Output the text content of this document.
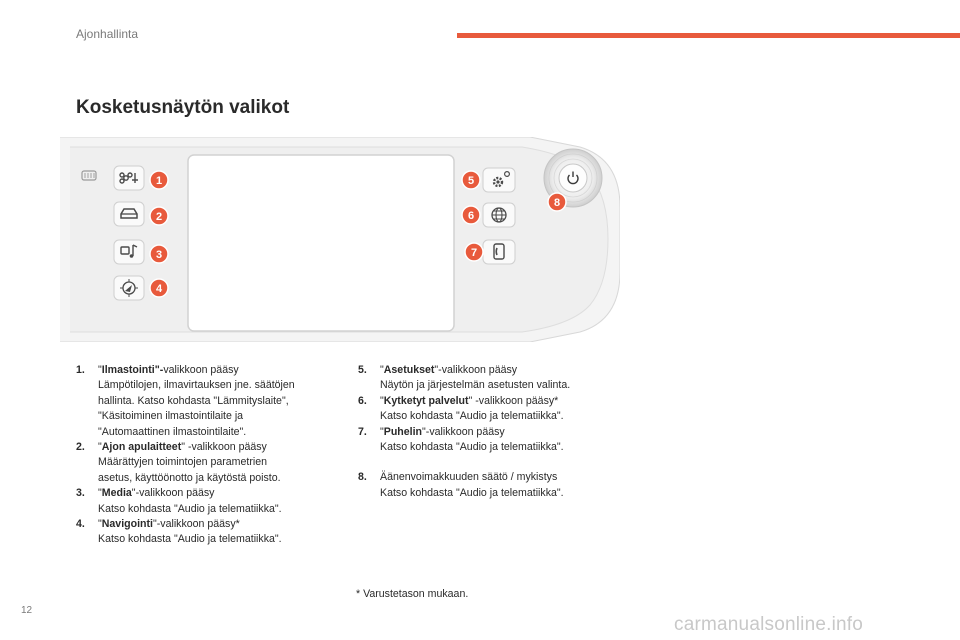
Ajonhallinta
Kosketusnäytön valikot
1
2
3
4
5
6
7
8
1.	"Ilmastointi"-valikkoon pääsy
Lämpötilojen, ilmavirtauksen jne. säätöjen
hallinta. Katso kohdasta "Lämmityslaite",
"Käsitoiminen ilmastointilaite ja
"Automaattinen ilmastointilaite".
2.	"Ajon apulaitteet" -valikkoon pääsy
Määrättyjen toimintojen parametrien
asetus, käyttöönotto ja käytöstä poisto.
3.	"Media"-valikkoon pääsy
Katso kohdasta "Audio ja telematiikka".
4.	"Navigointi"-valikkoon pääsy*
Katso kohdasta "Audio ja telematiikka".
5.	"Asetukset"-valikkoon pääsy
Näytön ja järjestelmän asetusten valinta.
6.	"Kytketyt palvelut" -valikkoon pääsy*
Katso kohdasta "Audio ja telematiikka".
7.	"Puhelin"-valikkoon pääsy
Katso kohdasta "Audio ja telematiikka".
8.	Äänenvoimakkuuden säätö / mykistys
Katso kohdasta "Audio ja telematiikka".
* Varustetason mukaan.
12
carmanualsonline.info
